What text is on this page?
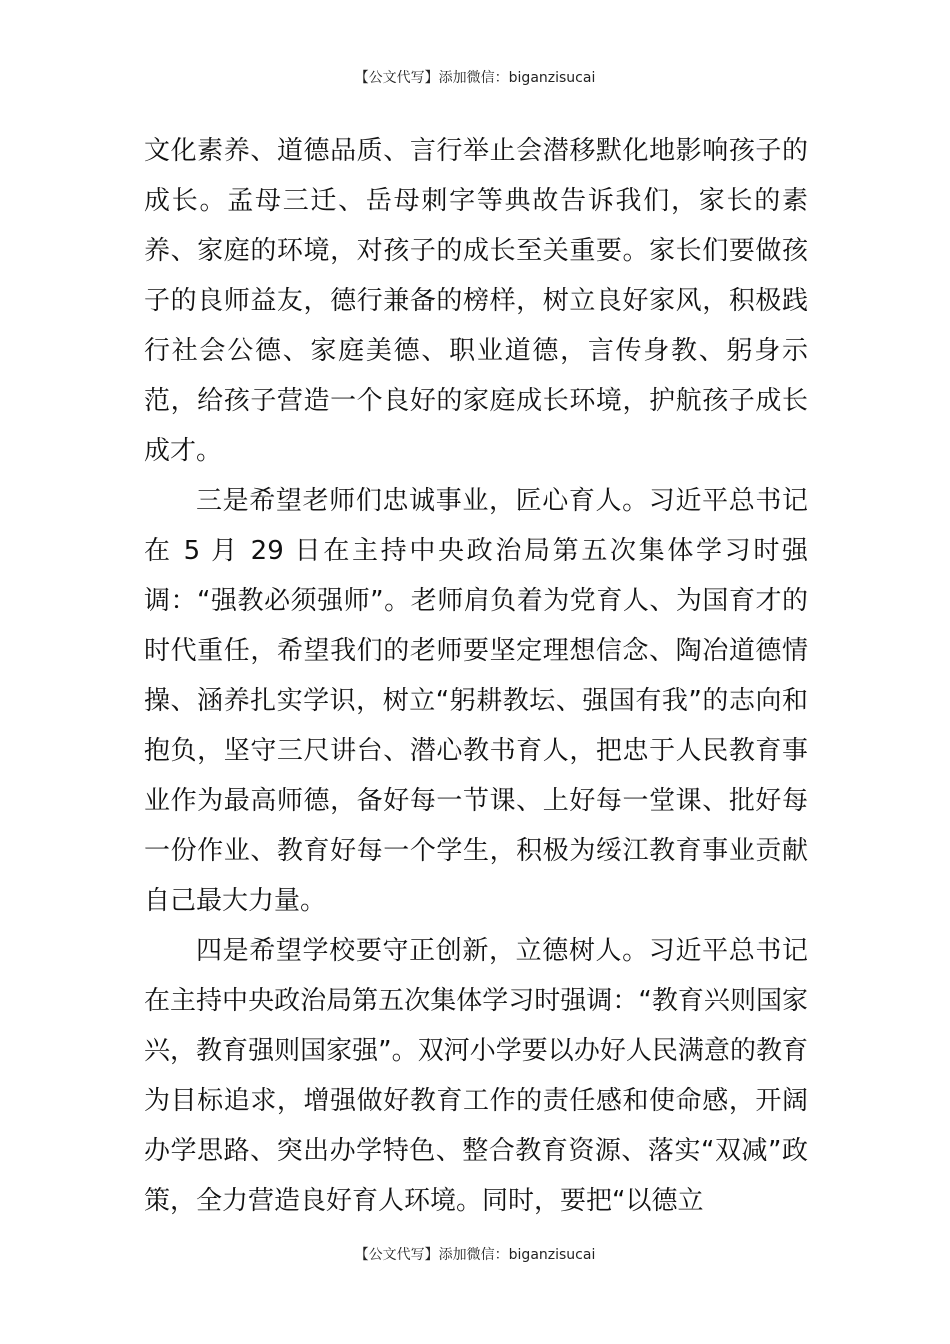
【公文代写】添加微信：biganzisucai

文化素养、道德品质、言行举止会潜移默化地影响孩子的成长。孟母三迁、岳母刺字等典故告诉我们，家长的素养、家庭的环境，对孩子的成长至关重要。家长们要做孩子的良师益友，德行兼备的榜样，树立良好家风，积极践行社会公德、家庭美德、职业道德，言传身教、躬身示范，给孩子营造一个良好的家庭成长环境，护航孩子成长成才。

三是希望老师们忠诚事业，匠心育人。习近平总书记在 5 月 29 日在主持中央政治局第五次集体学习时强调：“强教必须强师”。老师肩负着为党育人、为国育才的时代重任，希望我们的老师要坚定理想信念、陶冶道德情操、涵养扎实学识，树立“躬耕教坛、强国有我”的志向和抱负，坚守三尺讲台、潜心教书育人，把忠于人民教育事业作为最高师德，备好每一节课、上好每一堂课、批好每一份作业、教育好每一个学生，积极为绥江教育事业贡献自己最大力量。

四是希望学校要守正创新，立德树人。习近平总书记在主持中央政治局第五次集体学习时强调：“教育兴则国家兴，教育强则国家强”。双河小学要以办好人民满意的教育为目标追求，增强做好教育工作的责任感和使命感，开阔办学思路、突出办学特色、整合教育资源、落实“双减”政策，全力营造良好育人环境。同时，要把“以德立

【公文代写】添加微信：biganzisucai
